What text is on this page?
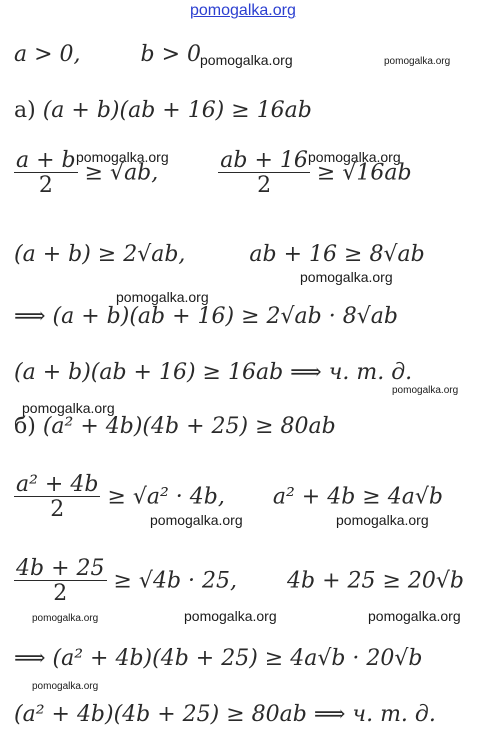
pomogalka.org
a > 0,	b > 0
pomogalka.org	pomogalka.org
а) (a + b)(ab + 16) ≥ 16ab
$\frac{a + b}{2} \ge √ab$,	$\frac{ab + 16}{2} \ge √16ab$
pomogalka.org	pomogalka.org
(a + b) ≥ 2√ab,	ab + 16 ≥ 8√ab
pomogalka.org
pomogalka.org
⟹ (a + b)(ab + 16) ≥ 2√ab · 8√ab
(a + b)(ab + 16) ≥ 16ab ⟹ ч. т. д.
pomogalka.org
pomogalka.org
б) (a² + 4b)(4b + 25) ≥ 80ab
$\frac{\text{a² + 4b}}{2} \ge √a^2 \cdot 4b$, a² + 4b ≥ 4a√b
pomogalka.org	pomogalka.org
$\frac{4b + 25}{2} \ge √4b \cdot 25$, 4b + 25 ≥ 20√b
pomogalka.org	pomogalka.org	pomogalka.org
⟹ (a² + 4b)(4b + 25) ≥ 4a√b · 20√b
pomogalka.org
(a² + 4b)(4b + 25) ≥ 80ab ⟹ ч. т. д.
